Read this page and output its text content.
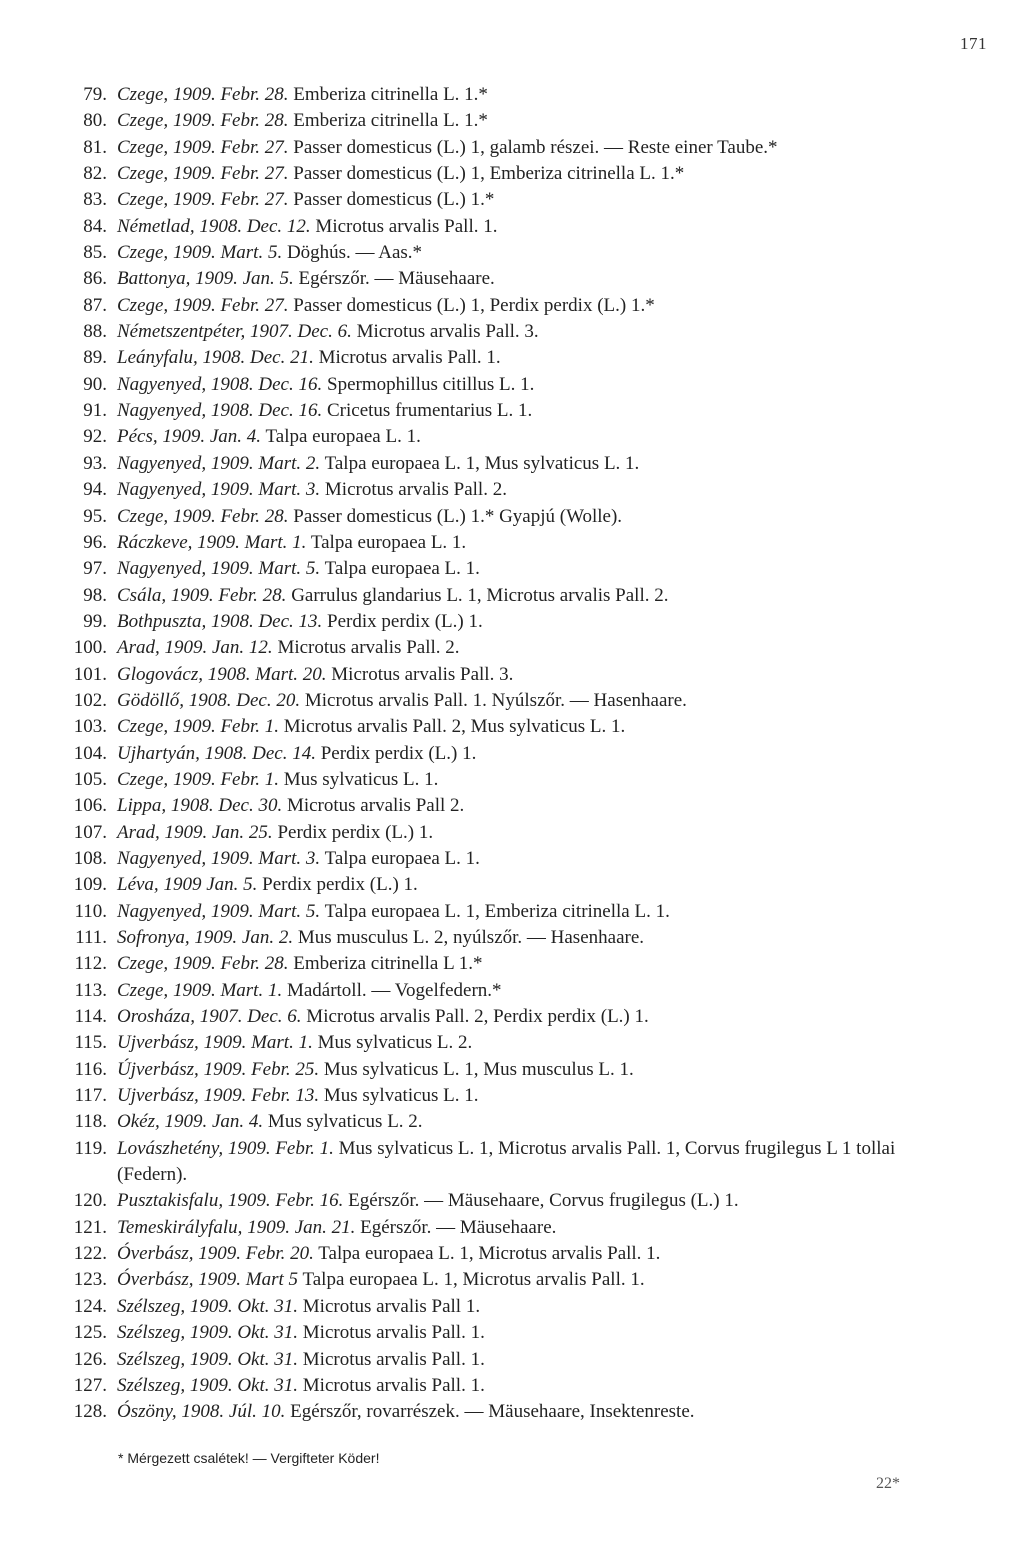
171
79. Czege, 1909. Febr. 28. Emberiza citrinella L. 1.*
80. Czege, 1909. Febr. 28. Emberiza citrinella L. 1.*
81. Czege, 1909. Febr. 27. Passer domesticus (L.) 1, galamb részei. — Reste einer Taube.*
82. Czege, 1909. Febr. 27. Passer domesticus (L.) 1, Emberiza citrinella L. 1.*
83. Czege, 1909. Febr. 27. Passer domesticus (L.) 1.*
84. Németlad, 1908. Dec. 12. Microtus arvalis Pall. 1.
85. Czege, 1909. Mart. 5. Döghús. — Aas.*
86. Battonya, 1909. Jan. 5. Egérszőr. — Mäusehaare.
87. Czege, 1909. Febr. 27. Passer domesticus (L.) 1, Perdix perdix (L.) 1.*
88. Németszentpéter, 1907. Dec. 6. Microtus arvalis Pall. 3.
89. Leányfalu, 1908. Dec. 21. Microtus arvalis Pall. 1.
90. Nagyenyed, 1908. Dec. 16. Spermophillus citillus L. 1.
91. Nagyenyed, 1908. Dec. 16. Cricetus frumentarius L. 1.
92. Pécs, 1909. Jan. 4. Talpa europaea L. 1.
93. Nagyenyed, 1909. Mart. 2. Talpa europaea L. 1, Mus sylvaticus L. 1.
94. Nagyenyed, 1909. Mart. 3. Microtus arvalis Pall. 2.
95. Czege, 1909. Febr. 28. Passer domesticus (L.) 1.* Gyapjú (Wolle).
96. Ráczkeve, 1909. Mart. 1. Talpa europaea L. 1.
97. Nagyenyed, 1909. Mart. 5. Talpa europaea L. 1.
98. Csála, 1909. Febr. 28. Garrulus glandarius L. 1, Microtus arvalis Pall. 2.
99. Bothpuszta, 1908. Dec. 13. Perdix perdix (L.) 1.
100. Arad, 1909. Jan. 12. Microtus arvalis Pall. 2.
101. Glogovácz, 1908. Mart. 20. Microtus arvalis Pall. 3.
102. Gödöllő, 1908. Dec. 20. Microtus arvalis Pall. 1. Nyúlszőr. — Hasenhaare.
103. Czege, 1909. Febr. 1. Microtus arvalis Pall. 2, Mus sylvaticus L. 1.
104. Ujhartyán, 1908. Dec. 14. Perdix perdix (L.) 1.
105. Czege, 1909. Febr. 1. Mus sylvaticus L. 1.
106. Lippa, 1908. Dec. 30. Microtus arvalis Pall 2.
107. Arad, 1909. Jan. 25. Perdix perdix (L.) 1.
108. Nagyenyed, 1909. Mart. 3. Talpa europaea L. 1.
109. Léva, 1909 Jan. 5. Perdix perdix (L.) 1.
110. Nagyenyed, 1909. Mart. 5. Talpa europaea L. 1, Emberiza citrinella L. 1.
111. Sofronya, 1909. Jan. 2. Mus musculus L. 2, nyúlszőr. — Hasenhaare.
112. Czege, 1909. Febr. 28. Emberiza citrinella L 1.*
113. Czege, 1909. Mart. 1. Madártoll. — Vogelfedern.*
114. Orosháza, 1907. Dec. 6. Microtus arvalis Pall. 2, Perdix perdix (L.) 1.
115. Ujverbász, 1909. Mart. 1. Mus sylvaticus L. 2.
116. Újverbász, 1909. Febr. 25. Mus sylvaticus L. 1, Mus musculus L. 1.
117. Ujverbász, 1909. Febr. 13. Mus sylvaticus L. 1.
118. Okéz, 1909. Jan. 4. Mus sylvaticus L. 2.
119. Lovászhetény, 1909. Febr. 1. Mus sylvaticus L. 1, Microtus arvalis Pall. 1, Corvus frugilegus L 1 tollai (Federn).
120. Pusztakisfalu, 1909. Febr. 16. Egérszőr. — Mäusehaare, Corvus frugilegus (L.) 1.
121. Temeskirályfalu, 1909. Jan. 21. Egérszőr. — Mäusehaare.
122. Óverbász, 1909. Febr. 20. Talpa europaea L. 1, Microtus arvalis Pall. 1.
123. Óverbász, 1909. Mart 5 Talpa europaea L. 1, Microtus arvalis Pall. 1.
124. Szélszeg, 1909. Okt. 31. Microtus arvalis Pall 1.
125. Szélszeg, 1909. Okt. 31. Microtus arvalis Pall. 1.
126. Szélszeg, 1909. Okt. 31. Microtus arvalis Pall. 1.
127. Szélszeg, 1909. Okt. 31. Microtus arvalis Pall. 1.
128. Ószöny, 1908. Júl. 10. Egérszőr, rovarrészek. — Mäusehaare, Insektenreste.
* Mérgezett csalétek! — Vergifteter Köder!
22*
